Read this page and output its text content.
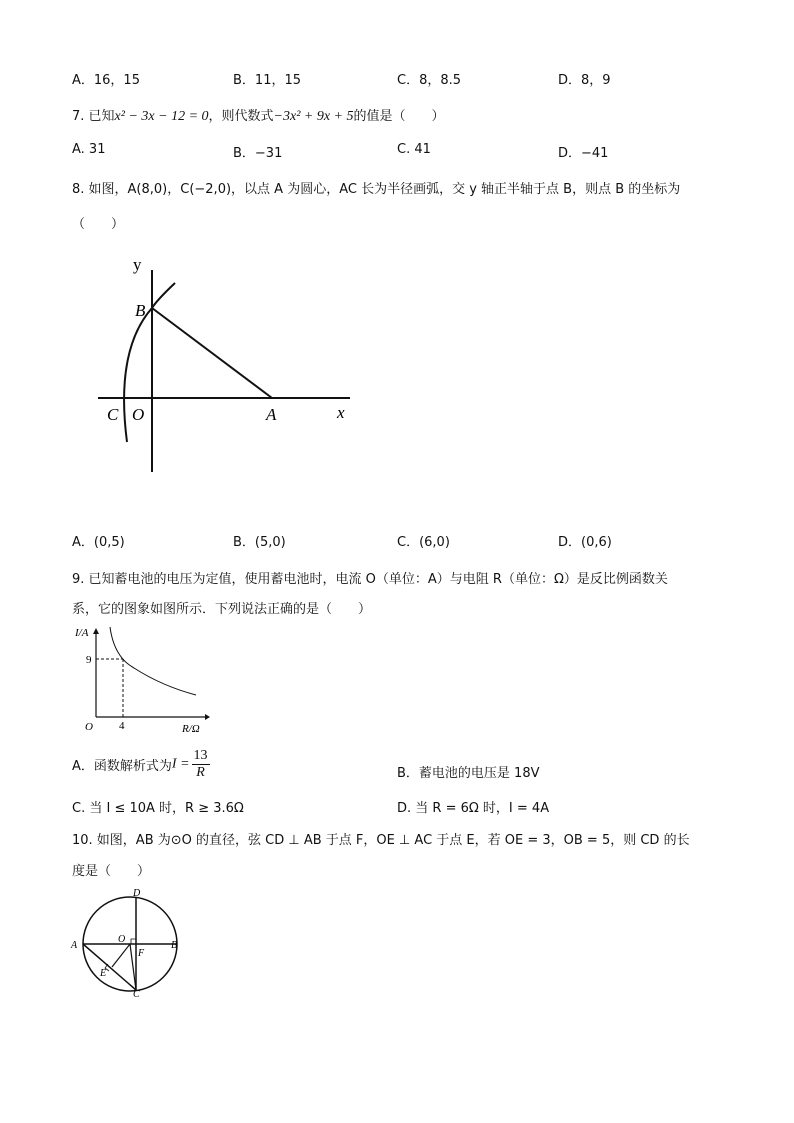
A．16，15	B．11，15	C．8，8.5	D．8，9
7. 已知x² − 3x − 12 = 0，则代数式−3x² + 9x + 5的值是（　　）
A. 31	B．−31	C. 41	D．−41
8. 如图，A(8,0)，C(−2,0)，以点 A 为圆心，AC 长为半径画弧，交 y 轴正半轴于点 B，则点 B 的坐标为
（　　）
y
x
B
C O	A
A．(0,5)	B．(5,0)	C．(6,0)	D．(0,6)
9. 已知蓄电池的电压为定值，使用蓄电池时，电流 O（单位：A）与电阻 R（单位：Ω）是反比例函数关
系，它的图象如图所示．下列说法正确的是（　　）
I/A
R/Ω
O
9
4
A．函数解析式为$I = \frac{13}{R}$	B．蓄电池的电压是 18V
C. 当 I ≤ 10A 时，R ≥ 3.6Ω	D. 当 R = 6Ω 时，I = 4A
10. 如图，AB 为⊙O 的直径，弦 CD ⊥ AB 于点 F，OE ⊥ AC 于点 E，若 OE = 3，OB = 5，则 CD 的长
度是（　　）
A	B
D
C
O
F
E
